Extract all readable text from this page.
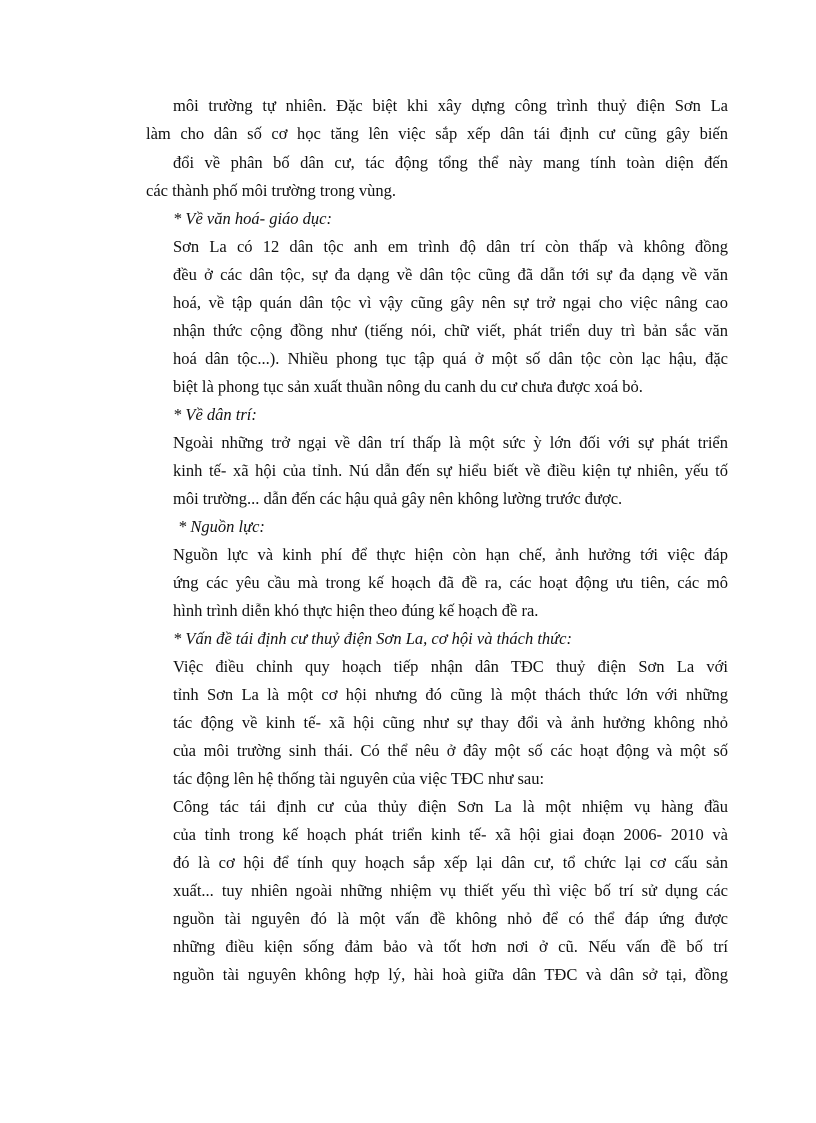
môi trường tự nhiên. Đặc biệt khi xây dựng công trình thuỷ điện Sơn La
làm cho dân số cơ học tăng lên việc sắp xếp dân tái định cư cũng gây biến
đổi về phân bố dân cư, tác động tổng thể này mang tính toàn diện đến
các thành phố môi trường trong vùng.
* Về văn hoá- giáo dục:
Sơn La có 12 dân tộc anh em trình độ dân trí còn thấp và không đồng
đều ở các dân tộc, sự đa dạng về dân tộc cũng đã dẫn tới sự đa dạng về văn
hoá, về tập quán dân tộc vì vậy cũng gây nên sự trở ngại cho việc nâng cao
nhận thức cộng đồng như (tiếng nói, chữ viết, phát triển duy trì bản sắc văn
hoá dân tộc...). Nhiều phong tục tập quá ở một số dân tộc còn lạc hậu, đặc
biệt là phong tục sản xuất thuần nông du canh du cư chưa được xoá bỏ.
* Về dân trí:
Ngoài những trở ngại về dân trí thấp là một sức ỳ lớn đối với sự phát triển
kinh tế- xã hội của tỉnh. Nú dẫn đến sự hiểu biết về điều kiện tự nhiên, yếu tố
môi trường... dẫn đến các hậu quả gây nên không lường trước được.
* Nguồn lực:
Nguồn lực và kinh phí để thực hiện còn hạn chế, ảnh hưởng tới việc đáp
ứng các yêu cầu mà trong kế hoạch đã đề ra, các hoạt động ưu tiên, các mô
hình trình diễn khó thực hiện theo đúng kế hoạch đề ra.
* Vấn đề tái định cư thuỷ điện Sơn La, cơ hội và thách thức:
Việc điều chỉnh quy hoạch tiếp nhận dân TĐC thuỷ điện Sơn La với
tỉnh Sơn La là một cơ hội nhưng đó cũng là một thách thức lớn với những
tác động về kinh tế- xã hội cũng như sự thay đổi và ảnh hưởng không nhỏ
của môi trường sinh thái. Có thể nêu ở đây một số các hoạt động và một số
tác động lên hệ thống tài nguyên của việc TĐC như sau:
Công tác tái định cư của thủy điện Sơn La là một nhiệm vụ hàng đầu
của tỉnh trong kế hoạch phát triển kinh tế- xã hội giai đoạn 2006- 2010 và
đó là cơ hội để tính quy hoạch sắp xếp lại dân cư, tổ chức lại cơ cấu sản
xuất... tuy nhiên ngoài những nhiệm vụ thiết yếu thì việc bố trí sử dụng các
nguồn tài nguyên đó là một vấn đề không nhỏ để có thể đáp ứng được
những điều kiện sống đảm bảo và tốt hơn nơi ở cũ. Nếu vấn đề bố trí
nguồn tài nguyên không hợp lý, hài hoà giữa dân TĐC và dân sở tại, đồng
